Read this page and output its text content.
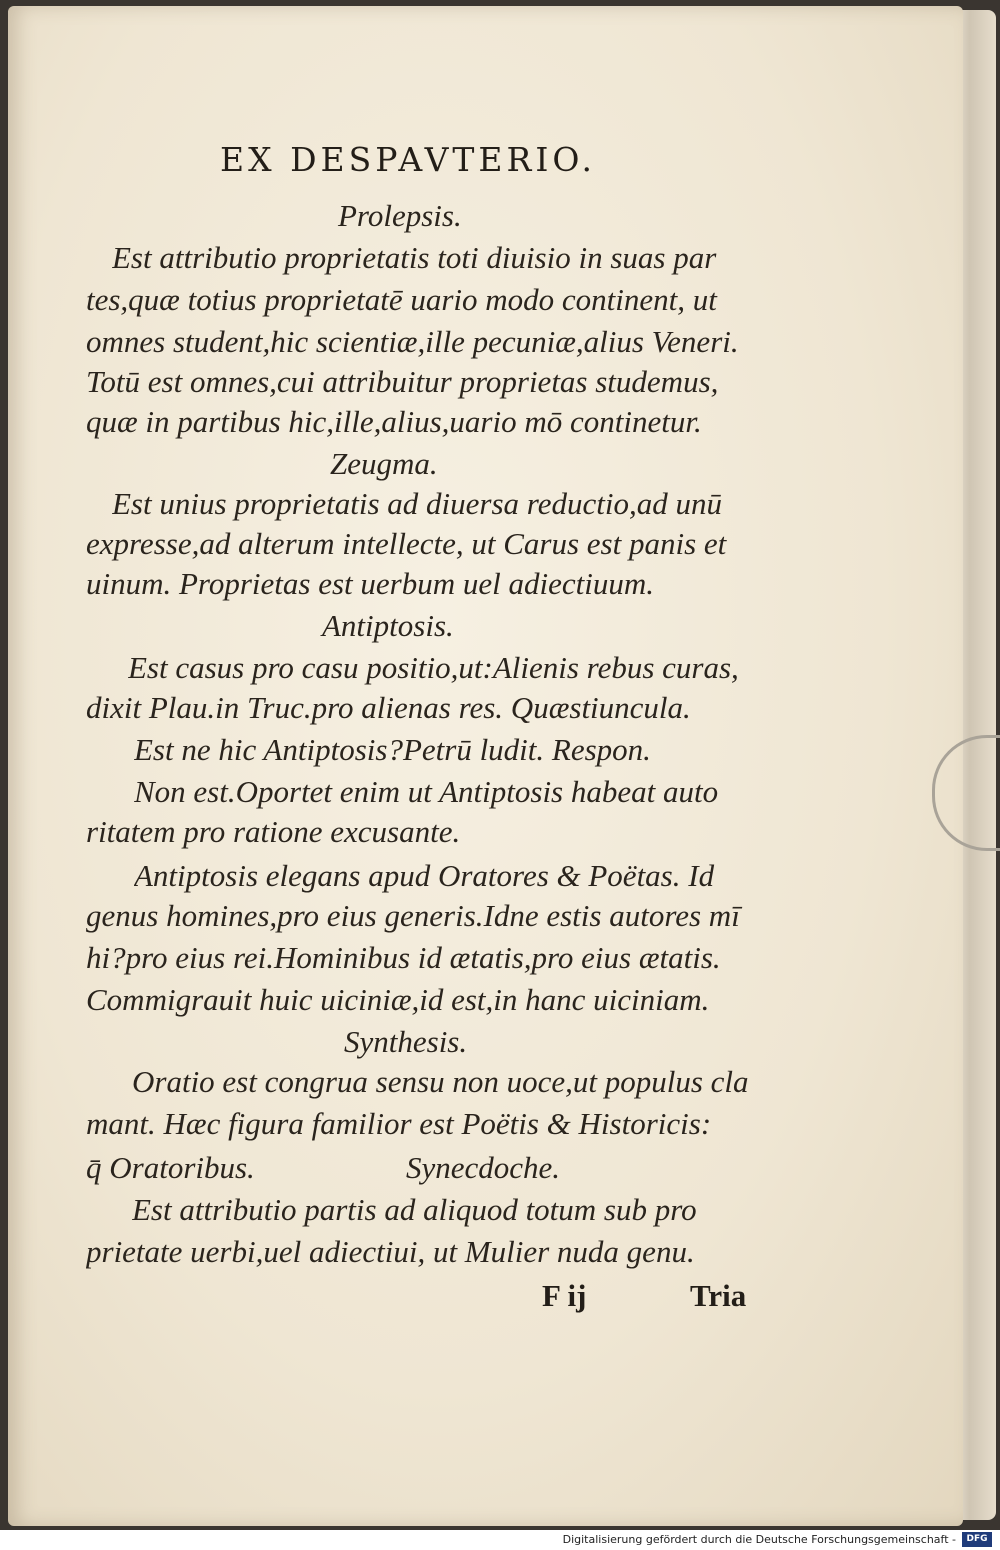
EX DESPAVTERIO.
Prolepsis.
Est attributio proprietatis toti diuisio in suas par
tes,quæ totius proprietatē uario modo continent, ut
omnes student,hic scientiæ,ille pecuniæ,alius Veneri.
Totū est omnes,cui attribuitur proprietas studemus,
quæ in partibus hic,ille,alius,uario mō continetur.
Zeugma.
Est unius proprietatis ad diuersa reductio,ad unū
expresse,ad alterum intellecte, ut Carus est panis et
uinum. Proprietas est uerbum uel adiectiuum.
Antiptosis.
Est casus pro casu positio,ut:Alienis rebus curas,
dixit Plau.in Truc.pro alienas res. Quæstiuncula.
Est ne hic Antiptosis?Petrū ludit. Respon.
Non est.Oportet enim ut Antiptosis habeat auto
ritatem pro ratione excusante.
Antiptosis elegans apud Oratores & Poëtas. Id
genus homines,pro eius generis.Idne estis autores mī
hi?pro eius rei.Hominibus id ætatis,pro eius ætatis.
Commigrauit huic uiciniæ,id est,in hanc uiciniam.
Synthesis.
Oratio est congrua sensu non uoce,ut populus cla
mant. Hæc figura familior est Poëtis & Historicis:
q̄ Oratoribus.	Synecdoche.
Est attributio partis ad aliquod totum sub pro
prietate uerbi,uel adiectiui, ut Mulier nuda genu.
F ij	Tria
Digitalisierung gefördert durch die Deutsche Forschungsgemeinschaft -	DFG
